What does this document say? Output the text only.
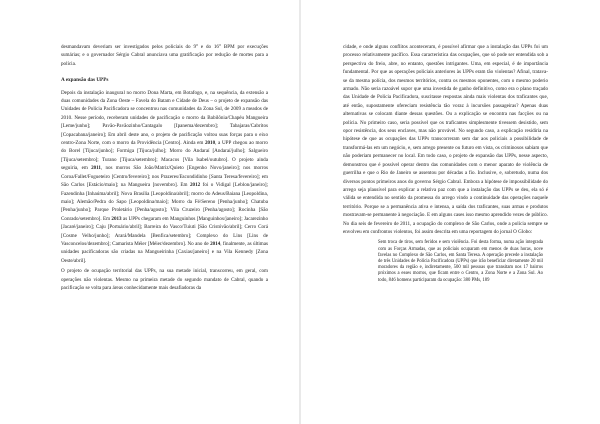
desmandavam deveriam ser investigados pelos policiais do 9° e do 16° BPM por execuções sumárias; e o governador Sérgio Cabral anunciava uma gratificação por redução de mortes para a polícia.

A expansão das UPPs

Depois da instalação inaugural no morro Dona Marta, em Botafogo, e, na sequência, da extensão a duas comunidades da Zona Oeste – Favela do Batam e Cidade de Deus – o projeto de expansão das Unidades de Polícia Pacificadora se concentrou nas comunidades da Zona Sul, de 2009 a meados de 2010. Nesse período, receberam unidades de pacificação o morro da Babilônia/Chapéu Mangueira [Leme/junho]; Pavão-Pavãozinho/Cantagalo [Ipanema/dezembro]; Tabajaras/Cabritos [Copacabana/janeiro]; Em abril deste ano, o projeto de pacificação voltou suas forças para o eixo centro-Zona Norte, com o morro da Providência [Centro]. Ainda em 2010, a UPP chegou ao morro do Borel [Tijuca/junho]; Formiga [Tijuca/julho]; Morro do Andaraí [Andaraí/julho]; Salgueiro [Tijuca/setembro]; Turano [Tijuca/setembro]; Macacos [Vila Isabel/outubro]. O projeto ainda seguiria, em 2011, nos morros São João/Matriz/Quieto [Engenho Novo/janeiro]; nos morros Coroa/Fallet/Fogueteiro [Centro/fevereiro]; nos Prazeres/Escondidinho [Santa Teresa/fevereiro]; em São Carlos [Estácio/maio]; na Mangueira [novembro]. Em 2012 foi o Vidigal [Leblon/janeiro]; Fazendinha [Inhaúma/abril]; Nova Brasília [Leopoldina/abril]; morro do Adeus/Baiana [Leopoldina, maio]; Alemão/Pedra do Sapo [Leopoldina/maio]; Morro da Fé/Sereno [Penha/junho]; Chatuba [Penha/junho]; Parque Proletário [Penha/agosto]; Vila Cruzeiro [Penha/agosto]; Rocinha [São Conrado/setembro]. Em 2013 as UPPs chegaram em Manguinhos [Manguinhos/janeiro]; Jacarezinho [Jacaré/janeiro]; Caju [Portuário/abril]; Barreira do Vasco/Tuiuti [São Cristóvão/abril]; Cerro Corá [Cosme Velho/junho]; Arará/Mandela [Benfica/setembro]; Complexo do Lins [Lins de Vasconcelos/dezembro]; Camarista Méier [Méier/dezembro]. No ano de 2014, finalmente, as últimas unidades pacificadoras são criadas na Mangueirinha [Caxias/janeiro] e na Vila Kennedy [Zona Oeste/abril].

O projeto de ocupação territorial das UPPs, na sua metade inicial, transcorreu, em geral, com operações não violentas. Mesmo na primeira metade do segundo mandato de Cabral, quando a pacificação se volta para áreas conhecidamente mais desafiadoras da

cidade, e onde alguns conflitos aconteceram, é possível afirmar que a instalação das UPPs foi um processo relativamente pacífico. Essa característica das ocupações, que só pode ser entendida sob a perspectiva do freio, abre, no entanto, questões intrigantes. Uma, em especial, é de importância fundamental. Por que as operações policiais anteriores às UPPs eram tão violentas? Afinal, tratava-se da mesma polícia, dos mesmos territórios, contra os mesmos oponentes, com o mesmo poderio armado. Não seria razoável supor que uma investida de ganho definitivo, como era o plano traçado das Unidade de Polícia Pacificadora, suscitasse respostas ainda mais violentas dos traficantes que, até então, supostamente ofereciam resistência tão voraz à incursões passageiras? Apenas duas alternativas se colocam diante dessas questões. Ou a explicação se encontra nas facções ou na polícia. No primeiro caso, seria possível que os traficantes simplesmente tivessem desistido, sem opor resistência, dos seus enclaves, mas não provável. No segundo caso, a explicação residiria na hipótese de que as ocupações das UPPs transcorreram sem dar aos policiais a possibilidade de transformá-las em um negócio, e, sem arrego presente ou futuro em vista, os criminosos sabiam que não poderiam permanecer no local. Em todo caso, o projeto de expansão das UPPs, nesse aspecto, demonstrou que é possível operar dentro das comunidades com o menor aparato de violência de guerrilha e que o Rio de Janeiro se assentou por décadas a fio. Inclusive, e, sobretudo, numa dos diversos pontos primeiros anos do governo Sérgio Cabral. Embora a hipótese de impossibilidade do arrego seja plausível para explicar a relativa paz com que a instalação das UPPs se deu, ela só é válida se entendida no sentido da promessa do arrego vindo a continuidade das operações naquele território. Porque se a permanência ativa e intensa, a saída dos traficantes, suas armas e produtos mostravam-se permanente à negociação. E em alguns cases isso mesmo aprendido vezes de público. No dia seis de fevereiro de 2011, a ocupação do complexo de São Carlos, onde a polícia sempre se envolveu em confrontos violentos, foi assim descrita em uma reportagem do jornal O Globo:

Sem troca de tiros, sem feridos e sem violência. Foi desta forma, numa ação integrada com as Forças Armadas, que as policiais ocuparam em menos de duas horas, nove favelas no Complexo de São Carlos, em Santa Teresa. A operação precede a instalação de três Unidades de Polícia Pacificadora (UPPs) que irão beneficiar diretamente 20 mil moradores da região e, indiretamente, 500 mil pessoas que transitam nos 17 bairros próximos a esses morros, que ficam entre o Centro, a Zona Norte e a Zona Sul. Ao todo, 846 homens participaram da ocupação: 380 PMs, 189
